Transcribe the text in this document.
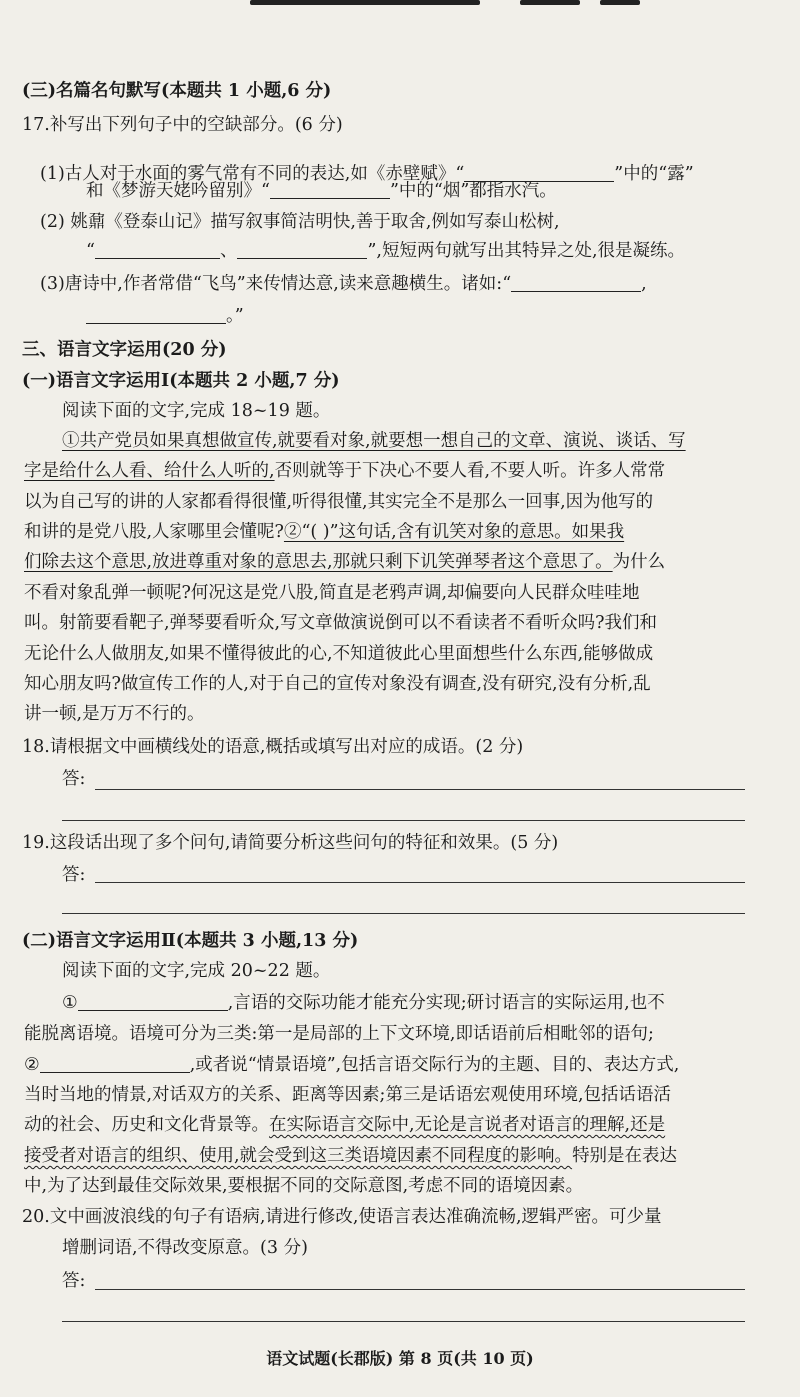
(三)名篇名句默写(本题共 1 小题,6 分)
17.补写出下列句子中的空缺部分。(6 分)
(1)古人对于水面的雾气常有不同的表达,如《赤壁赋》“	”中的“露”
和《梦游天姥吟留别》“	”中的“烟”都指水汽。
(2) 姚鼐《登泰山记》描写叙事简洁明快,善于取舍,例如写泰山松树,
“	、	”,短短两句就写出其特异之处,很是凝练。
(3)唐诗中,作者常借“飞鸟”来传情达意,读来意趣横生。诸如:“	,
。”
三、语言文字运用(20 分)
(一)语言文字运用Ⅰ(本题共 2 小题,7 分)
阅读下面的文字,完成 18~19 题。
①共产党员如果真想做宣传,就要看对象,就要想一想自己的文章、演说、谈话、写
字是给什么人看、给什么人听的,否则就等于下决心不要人看,不要人听。许多人常常
以为自己写的讲的人家都看得很懂,听得很懂,其实完全不是那么一回事,因为他写的
和讲的是党八股,人家哪里会懂呢?②“( )”这句话,含有讥笑对象的意思。如果我
们除去这个意思,放进尊重对象的意思去,那就只剩下讥笑弹琴者这个意思了。为什么
不看对象乱弹一顿呢?何况这是党八股,简直是老鸦声调,却偏要向人民群众哇哇地
叫。射箭要看靶子,弹琴要看听众,写文章做演说倒可以不看读者不看听众吗?我们和
无论什么人做朋友,如果不懂得彼此的心,不知道彼此心里面想些什么东西,能够做成
知心朋友吗?做宣传工作的人,对于自己的宣传对象没有调查,没有研究,没有分析,乱
讲一顿,是万万不行的。
18.请根据文中画横线处的语意,概括或填写出对应的成语。(2 分)
答:
19.这段话出现了多个问句,请简要分析这些问句的特征和效果。(5 分)
答:
(二)语言文字运用Ⅱ(本题共 3 小题,13 分)
阅读下面的文字,完成 20~22 题。
①	,言语的交际功能才能充分实现;研讨语言的实际运用,也不
能脱离语境。语境可分为三类:第一是局部的上下文环境,即话语前后相毗邻的语句;
②	,或者说“情景语境”,包括言语交际行为的主题、目的、表达方式,
当时当地的情景,对话双方的关系、距离等因素;第三是话语宏观使用环境,包括话语活
动的社会、历史和文化背景等。在实际语言交际中,无论是言说者对语言的理解,还是
接受者对语言的组织、使用,就会受到这三类语境因素不同程度的影响。特别是在表达
中,为了达到最佳交际效果,要根据不同的交际意图,考虑不同的语境因素。
20.文中画波浪线的句子有语病,请进行修改,使语言表达准确流畅,逻辑严密。可少量
增删词语,不得改变原意。(3 分)
答:
语文试题(长郡版) 第 8 页(共 10 页)
